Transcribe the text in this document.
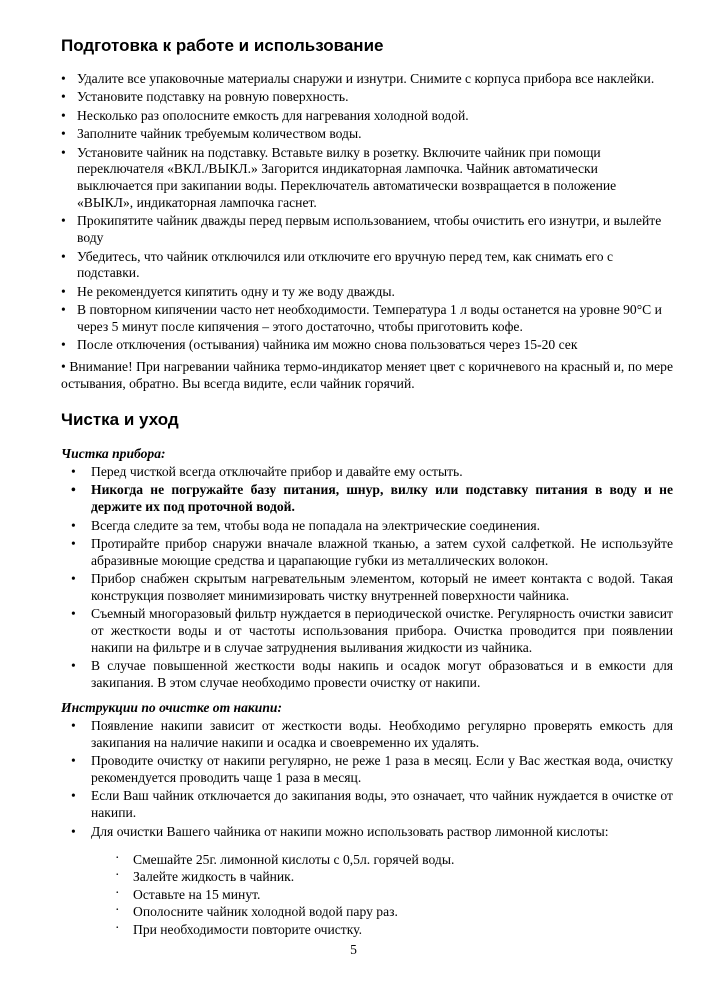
Подготовка к работе и использование
• Удалите все упаковочные материалы снаружи и изнутри. Снимите с корпуса прибора все наклейки.
• Установите подставку на ровную поверхность.
• Несколько раз ополосните емкость для нагревания холодной водой.
• Заполните чайник требуемым количеством воды.
• Установите чайник на подставку. Вставьте вилку в розетку. Включите чайник при помощи переключателя «ВКЛ./ВЫКЛ.» Загорится индикаторная лампочка. Чайник автоматически выключается при закипании воды. Переключатель автоматически возвращается в положение «ВЫКЛ», индикаторная лампочка гаснет.
• Прокипятите чайник дважды перед первым использованием, чтобы очистить его изнутри, и вылейте воду
• Убедитесь, что чайник отключился или отключите его вручную перед тем, как снимать его с подставки.
• Не рекомендуется кипятить одну и ту же воду дважды.
• В повторном кипячении часто нет необходимости. Температура 1 л воды останется на уровне 90°С и через 5 минут после кипячения – этого достаточно, чтобы приготовить кофе.
• После отключения (остывания) чайника им можно снова пользоваться через 15-20 сек
• Внимание! При нагревании чайника термо-индикатор меняет цвет с коричневого на красный и, по мере остывания, обратно. Вы всегда видите, если чайник горячий.
Чистка и уход
Чистка прибора:
• Перед чисткой всегда отключайте прибор и давайте ему остыть.
• Никогда не погружайте базу питания, шнур, вилку или подставку питания в воду и не держите их под проточной водой.
• Всегда следите за тем, чтобы вода не попадала на электрические соединения.
• Протирайте прибор снаружи вначале влажной тканью, а затем сухой салфеткой. Не используйте абразивные моющие средства и царапающие губки из металлических волокон.
• Прибор снабжен скрытым нагревательным элементом, который не имеет контакта с водой. Такая конструкция позволяет минимизировать чистку внутренней поверхности чайника.
• Съемный многоразовый фильтр нуждается в периодической очистке. Регулярность очистки зависит от жесткости воды и от частоты использования прибора. Очистка проводится при появлении накипи на фильтре и в случае затруднения выливания жидкости из чайника.
• В случае повышенной жесткости воды накипь и осадок могут образоваться и в емкости для закипания. В этом случае необходимо провести очистку от накипи.
Инструкции по очистке от накипи:
• Появление накипи зависит от жесткости воды. Необходимо регулярно проверять емкость для закипания на наличие накипи и осадка и своевременно их удалять.
• Проводите очистку от накипи регулярно, не реже 1 раза в месяц. Если у Вас жесткая вода, очистку рекомендуется проводить чаще 1 раза в месяц.
• Если Ваш чайник отключается до закипания воды, это означает, что чайник нуждается в очистке от накипи.
• Для очистки Вашего чайника от накипи можно использовать раствор лимонной кислоты:
· Смешайте 25г. лимонной кислоты с 0,5л. горячей воды.
· Залейте жидкость в чайник.
· Оставьте на 15 минут.
· Ополосните чайник холодной водой пару раз.
· При необходимости повторите очистку.
5
